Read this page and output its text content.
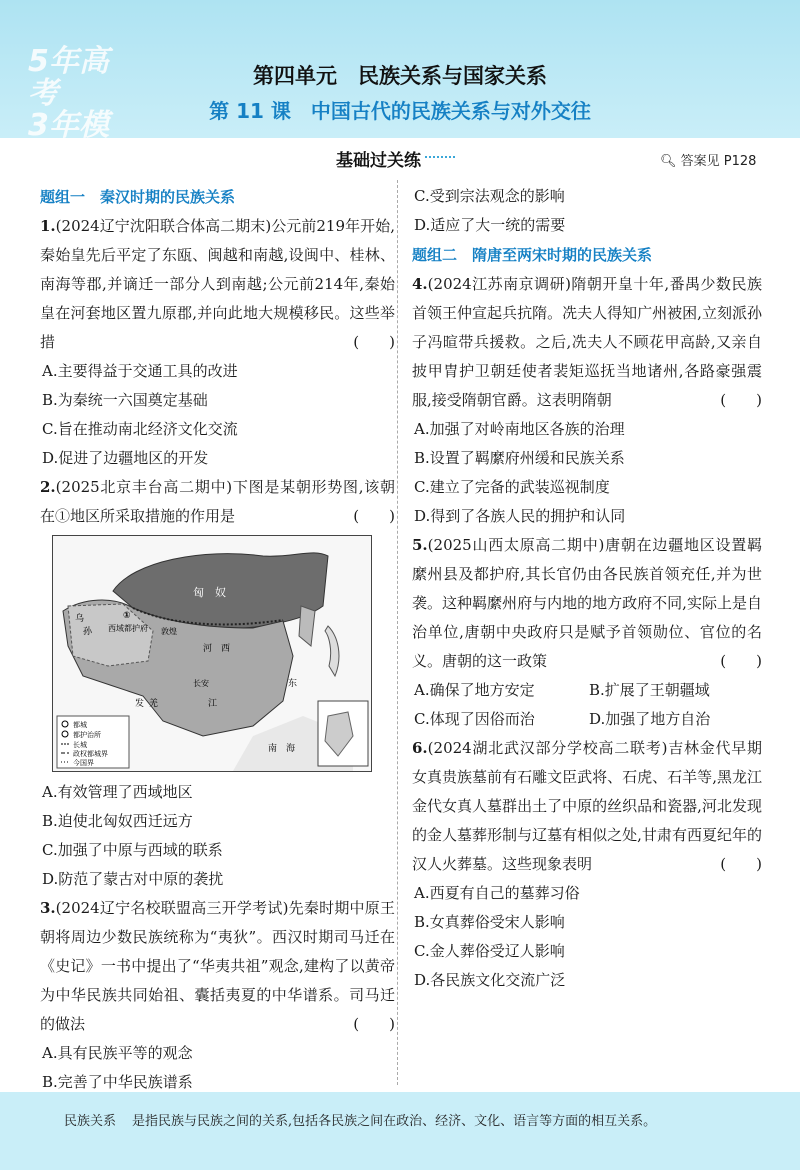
5年高考
3年模拟
第四单元　民族关系与国家关系
第 11 课　中国古代的民族关系与对外交往
基础过关练	🔍︎ 答案见 P128
题组一　秦汉时期的民族关系

1.(2024辽宁沈阳联合体高二期末)公元前219年开始,秦始皇先后平定了东瓯、闽越和南越,设闽中、桂林、南海等郡,并谪迁一部分人到南越;公元前214年,秦始皇在河套地区置九原郡,并向此地大规模移民。这些举措	(　　)

A.主要得益于交通工具的改进

B.为秦统一六国奠定基础

C.旨在推动南北经济文化交流

D.促进了边疆地区的开发

2.(2025北京丰台高二期中)下图是某朝形势图,该朝在①地区所采取措施的作用是	(　　)

都城
都护治所
长城
政权都城界
今国界
匈　奴
乌
孙 西域都护府
①
敦煌
河　西
长安
江
东
南　海
发 羌

A.有效管理了西域地区

B.迫使北匈奴西迁远方

C.加强了中原与西域的联系

D.防范了蒙古对中原的袭扰

3.(2024辽宁名校联盟高三开学考试)先秦时期中原王朝将周边少数民族统称为“夷狄”。西汉时期司马迁在《史记》一书中提出了“华夷共祖”观念,建构了以黄帝为中华民族共同始祖、囊括夷夏的中华谱系。司马迁的做法	(　　)

A.具有民族平等的观念

B.完善了中华民族谱系

C.受到宗法观念的影响

D.适应了大一统的需要

题组二　隋唐至两宋时期的民族关系

4.(2024江苏南京调研)隋朝开皇十年,番禺少数民族首领王仲宣起兵抗隋。冼夫人得知广州被困,立刻派孙子冯暄带兵援救。之后,冼夫人不顾花甲高龄,又亲自披甲胄护卫朝廷使者裴矩巡抚当地诸州,各路豪强震服,接受隋朝官爵。这表明隋朝	(　　)

A.加强了对岭南地区各族的治理

B.设置了羁縻府州缓和民族关系

C.建立了完备的武装巡视制度

D.得到了各族人民的拥护和认同

5.(2025山西太原高二期中)唐朝在边疆地区设置羁縻州县及都护府,其长官仍由各民族首领充任,并为世袭。这种羁縻州府与内地的地方政府不同,实际上是自治单位,唐朝中央政府只是赋予首领勋位、官位的名义。唐朝的这一政策	(　　)

A.确保了地方安定	B.扩展了王朝疆域

C.体现了因俗而治	D.加强了地方自治

6.(2024湖北武汉部分学校高二联考)吉林金代早期女真贵族墓前有石雕文臣武将、石虎、石羊等,黑龙江金代女真人墓群出土了中原的丝织品和瓷器,河北发现的金人墓葬形制与辽墓有相似之处,甘肃有西夏纪年的汉人火葬墓。这些现象表明	(　　)

A.西夏有自己的墓葬习俗

B.女真葬俗受宋人影响

C.金人葬俗受辽人影响

D.各民族文化交流广泛

民族关系 是指民族与民族之间的关系,包括各民族之间在政治、经济、文化、语言等方面的相互关系。
